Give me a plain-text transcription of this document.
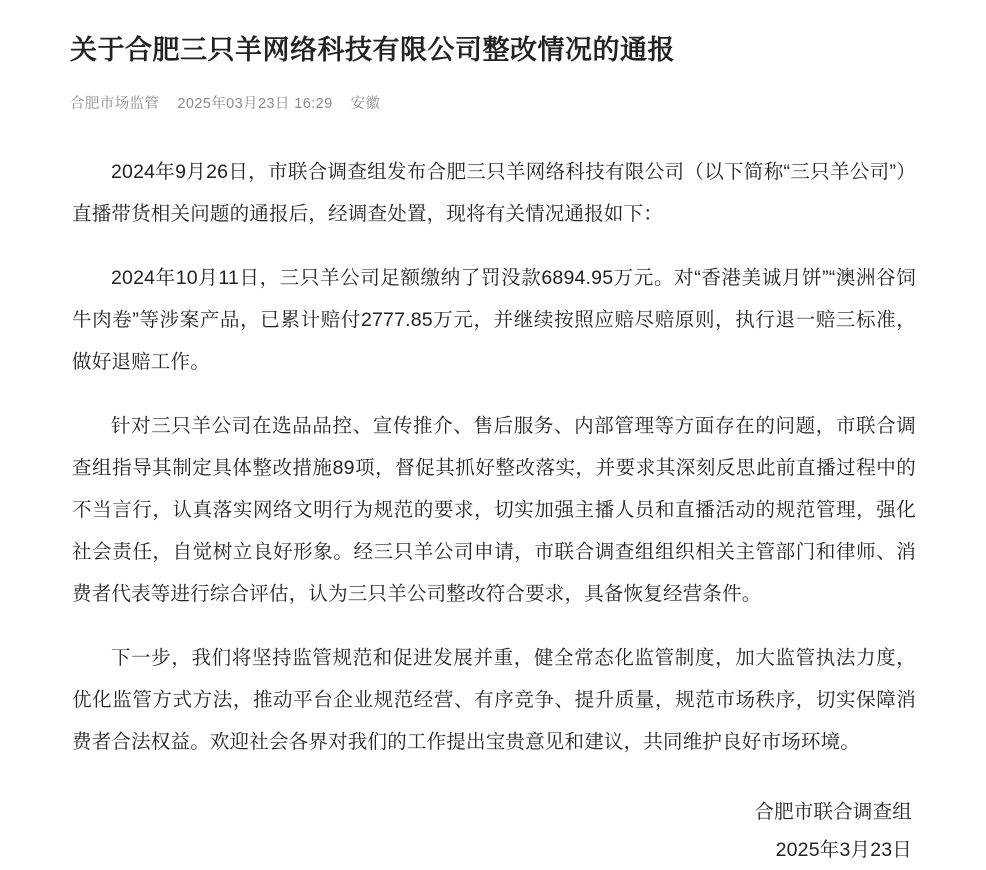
关于合肥三只羊网络科技有限公司整改情况的通报
合肥市场监管 2025年03月23日 16:29 安徽

2024年9月26日，市联合调查组发布合肥三只羊网络科技有限公司（以下简称“三只羊公司”）直播带货相关问题的通报后，经调查处置，现将有关情况通报如下：

2024年10月11日，三只羊公司足额缴纳了罚没款6894.95万元。对“香港美诚月饼”“澳洲谷饲牛肉卷”等涉案产品，已累计赔付2777.85万元，并继续按照应赔尽赔原则，执行退一赔三标准，做好退赔工作。

针对三只羊公司在选品品控、宣传推介、售后服务、内部管理等方面存在的问题，市联合调查组指导其制定具体整改措施89项，督促其抓好整改落实，并要求其深刻反思此前直播过程中的不当言行，认真落实网络文明行为规范的要求，切实加强主播人员和直播活动的规范管理，强化社会责任，自觉树立良好形象。经三只羊公司申请，市联合调查组组织相关主管部门和律师、消费者代表等进行综合评估，认为三只羊公司整改符合要求，具备恢复经营条件。

下一步，我们将坚持监管规范和促进发展并重，健全常态化监管制度，加大监管执法力度，优化监管方式方法，推动平台企业规范经营、有序竞争、提升质量，规范市场秩序，切实保障消费者合法权益。欢迎社会各界对我们的工作提出宝贵意见和建议，共同维护良好市场环境。

合肥市联合调查组
2025年3月23日
